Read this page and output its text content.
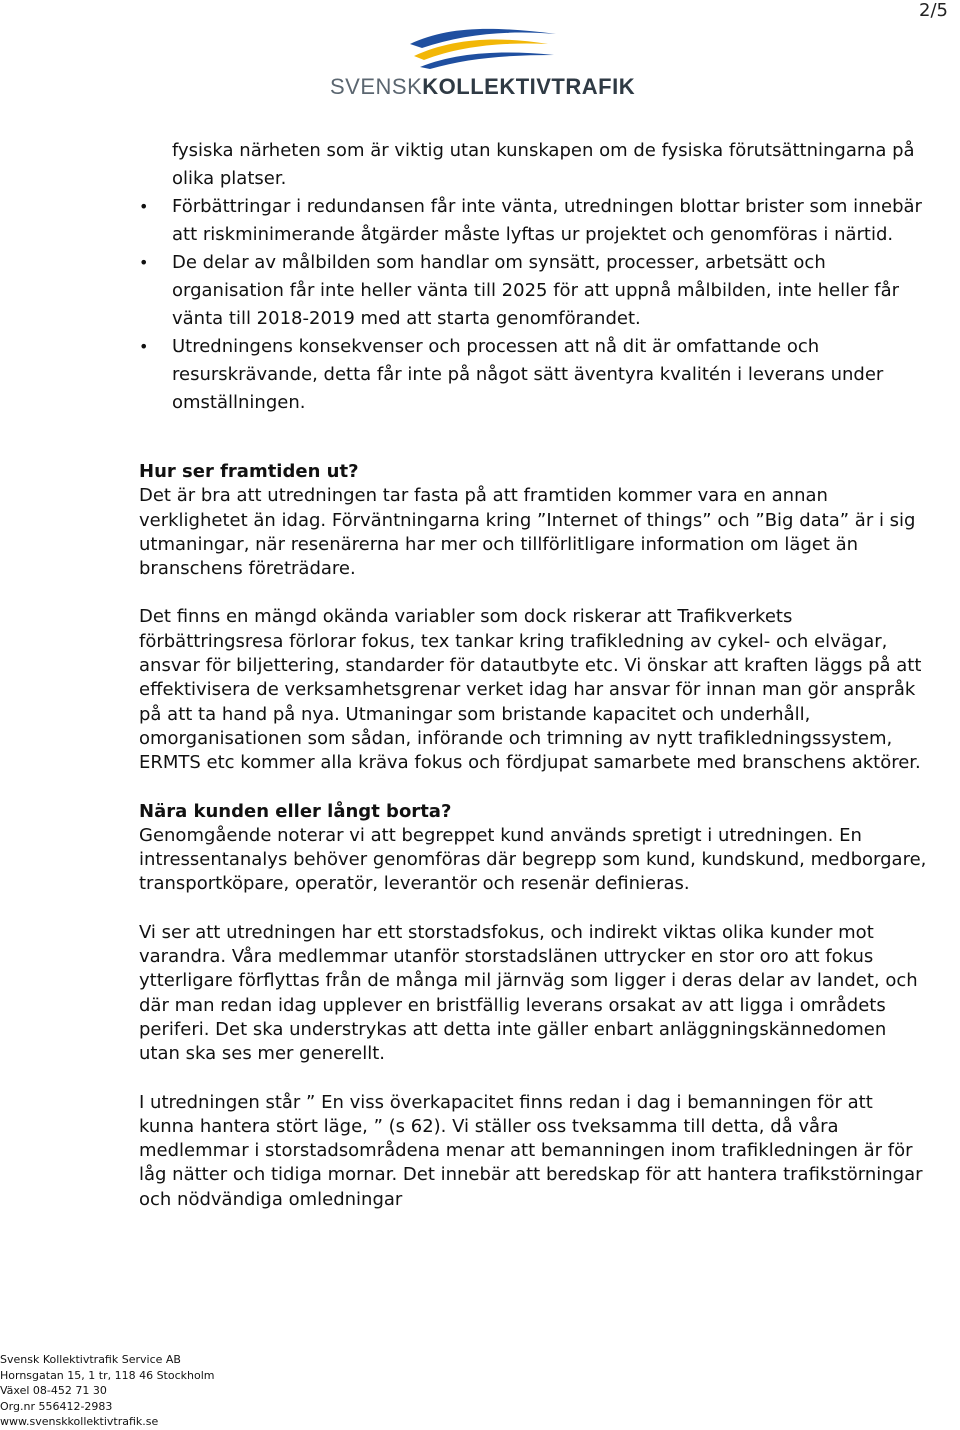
2/5
SVENSKKOLLEKTIVTRAFIK

fysiska närheten som är viktig utan kunskapen om de fysiska förutsättningarna på olika platser.

• Förbättringar i redundansen får inte vänta, utredningen blottar brister som innebär att riskminimerande åtgärder måste lyftas ur projektet och genomföras i närtid.
• De delar av målbilden som handlar om synsätt, processer, arbetsätt och organisation får inte heller vänta till 2025 för att uppnå målbilden, inte heller får vänta till 2018-2019 med att starta genomförandet.
• Utredningens konsekvenser och processen att nå dit är omfattande och resurskrävande, detta får inte på något sätt äventyra kvalitén i leverans under omställningen.
Hur ser framtiden ut?

Det är bra att utredningen tar fasta på att framtiden kommer vara en annan verklighetet än idag. Förväntningarna kring ”Internet of things” och ”Big data” är i sig utmaningar, när resenärerna har mer och tillförlitligare information om läget än branschens företrädare.

Det finns en mängd okända variabler som dock riskerar att Trafikverkets förbättringsresa förlorar fokus, tex tankar kring trafikledning av cykel- och elvägar, ansvar för biljettering, standarder för datautbyte etc. Vi önskar att kraften läggs på att effektivisera de verksamhetsgrenar verket idag har ansvar för innan man gör anspråk på att ta hand på nya. Utmaningar som bristande kapacitet och underhåll, omorganisationen som sådan, införande och trimning av nytt trafikledningssystem, ERMTS etc kommer alla kräva fokus och fördjupat samarbete med branschens aktörer.

Nära kunden eller långt borta?

Genomgående noterar vi att begreppet kund används spretigt i utredningen. En intressentanalys behöver genomföras där begrepp som kund, kundskund, medborgare, transportköpare, operatör, leverantör och resenär definieras.

Vi ser att utredningen har ett storstadsfokus, och indirekt viktas olika kunder mot varandra. Våra medlemmar utanför storstadslänen uttrycker en stor oro att fokus ytterligare förflyttas från de många mil järnväg som ligger i deras delar av landet, och där man redan idag upplever en bristfällig leverans orsakat av att ligga i områdets periferi. Det ska understrykas att detta inte gäller enbart anläggningskännedomen utan ska ses mer generellt.

I utredningen står ” En viss överkapacitet finns redan i dag i bemanningen för att kunna hantera stört läge, ” (s 62). Vi ställer oss tveksamma till detta, då våra medlemmar i storstadsområdena menar att bemanningen inom trafikledningen är för låg nätter och tidiga mornar. Det innebär att beredskap för att hantera trafikstörningar och nödvändiga omledningar

Svensk Kollektivtrafik Service AB
Hornsgatan 15, 1 tr, 118 46 Stockholm
Växel 08-452 71 30
Org.nr 556412-2983
www.svenskkollektivtrafik.se
